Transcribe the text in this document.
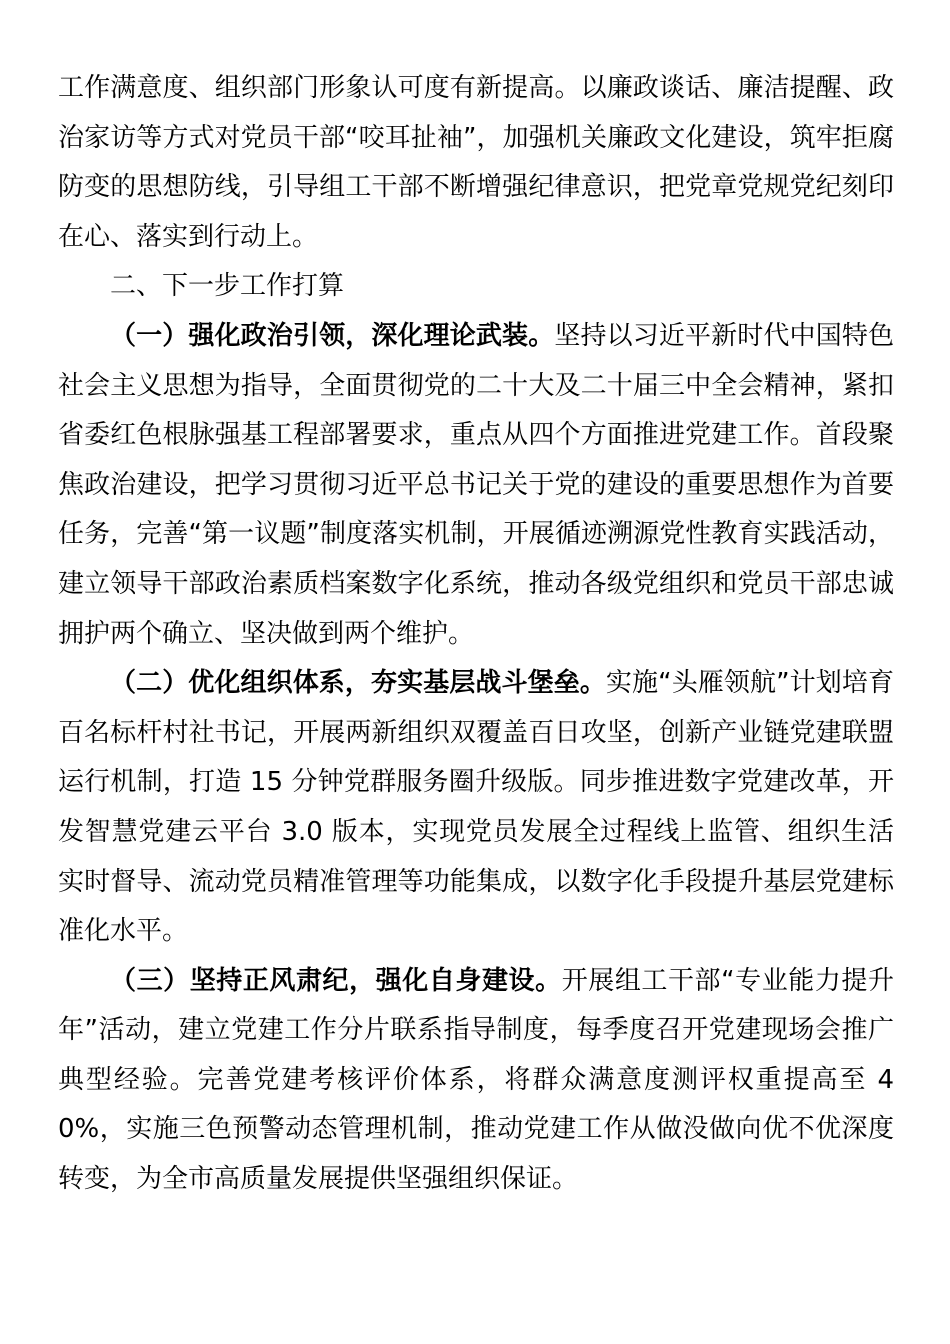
工作满意度、组织部门形象认可度有新提高。以廉政谈话、廉洁提醒、政治家访等方式对党员干部“咬耳扯袖”，加强机关廉政文化建设，筑牢拒腐防变的思想防线，引导组工干部不断增强纪律意识，把党章党规党纪刻印在心、落实到行动上。

二、下一步工作打算

（一）强化政治引领，深化理论武装。坚持以习近平新时代中国特色社会主义思想为指导，全面贯彻党的二十大及二十届三中全会精神，紧扣省委红色根脉强基工程部署要求，重点从四个方面推进党建工作。首段聚焦政治建设，把学习贯彻习近平总书记关于党的建设的重要思想作为首要任务，完善“第一议题”制度落实机制，开展循迹溯源党性教育实践活动，建立领导干部政治素质档案数字化系统，推动各级党组织和党员干部忠诚拥护两个确立、坚决做到两个维护。

（二）优化组织体系，夯实基层战斗堡垒。实施“头雁领航”计划培育百名标杆村社书记，开展两新组织双覆盖百日攻坚，创新产业链党建联盟运行机制，打造 15 分钟党群服务圈升级版。同步推进数字党建改革，开发智慧党建云平台 3.0 版本，实现党员发展全过程线上监管、组织生活实时督导、流动党员精准管理等功能集成，以数字化手段提升基层党建标准化水平。

（三）坚持正风肃纪，强化自身建设。开展组工干部“专业能力提升年”活动，建立党建工作分片联系指导制度，每季度召开党建现场会推广典型经验。完善党建考核评价体系，将群众满意度测评权重提高至 40%，实施三色预警动态管理机制，推动党建工作从做没做向优不优深度转变，为全市高质量发展提供坚强组织保证。
